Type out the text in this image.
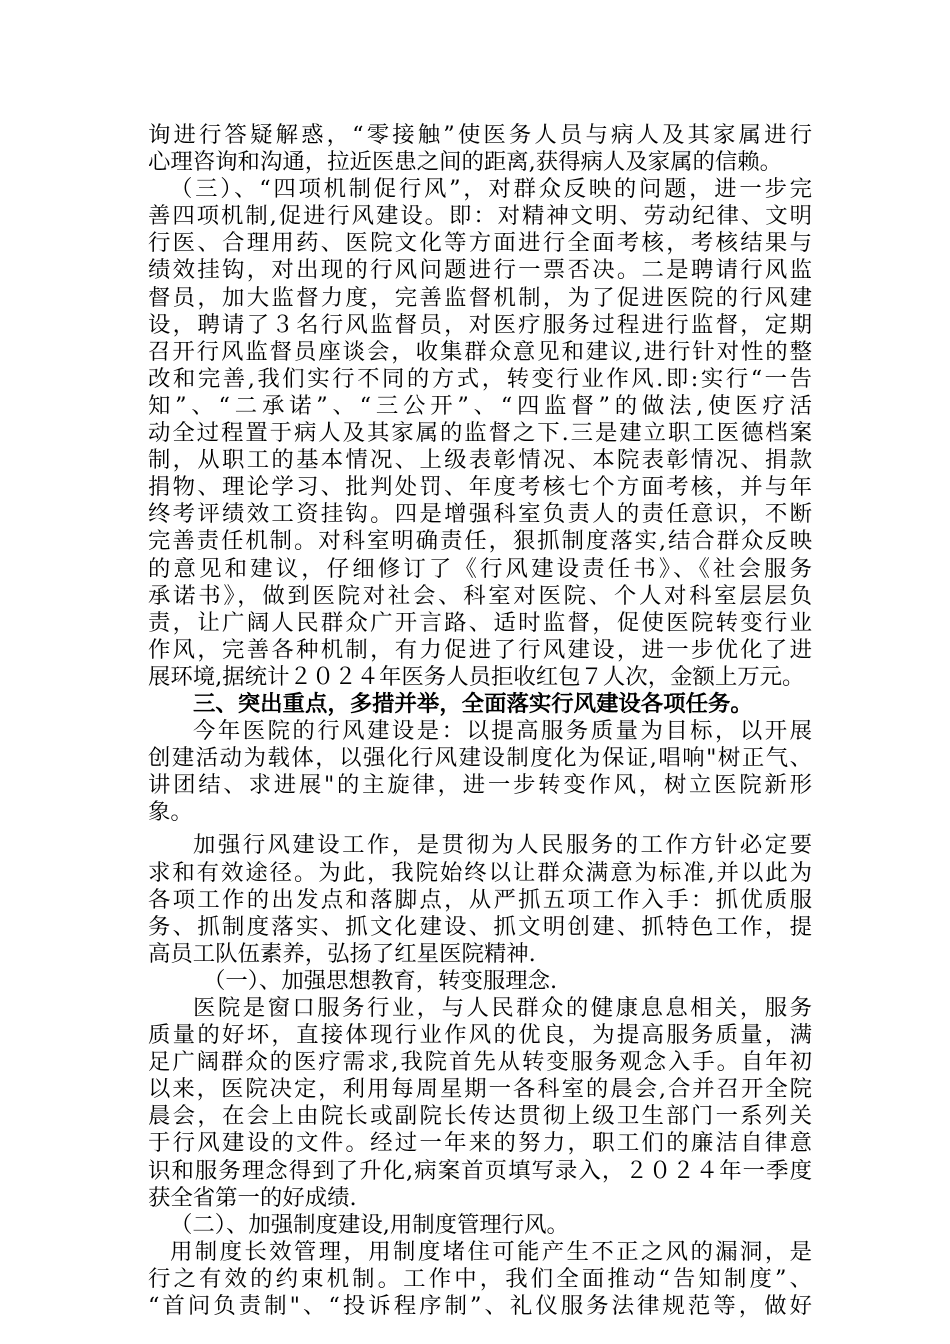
询进行答疑解惑，“零接触”使医务人员与病人及其家属进行
心理咨询和沟通，拉近医患之间的距离,获得病人及家属的信赖。
（三）、“四项机制促行风”，对群众反映的问题，进一步完
善四项机制,促进行风建设。即：对精神文明、劳动纪律、文明
行医、合理用药、医院文化等方面进行全面考核，考核结果与
绩效挂钩，对出现的行风问题进行一票否决。二是聘请行风监
督员，加大监督力度，完善监督机制，为了促进医院的行风建
设，聘请了３名行风监督员，对医疗服务过程进行监督，定期
召开行风监督员座谈会，收集群众意见和建议,进行针对性的整
改和完善,我们实行不同的方式，转变行业作风.即:实行“一告
知”、“二承诺”、“三公开”、“四监督”的做法,使医疗活
动全过程置于病人及其家属的监督之下.三是建立职工医德档案
制，从职工的基本情况、上级表彰情况、本院表彰情况、捐款
捐物、理论学习、批判处罚、年度考核七个方面考核，并与年
终考评绩效工资挂钩。四是增强科室负责人的责任意识，不断
完善责任机制。对科室明确责任，狠抓制度落实,结合群众反映
的意见和建议，仔细修订了《行风建设责任书》、《社会服务
承诺书》，做到医院对社会、科室对医院、个人对科室层层负
责，让广阔人民群众广开言路、适时监督，促使医院转变行业
作风，完善各种机制，有力促进了行风建设，进一步优化了进
展环境,据统计２０２４年医务人员拒收红包７人次，金额上万元。
三、突出重点，多措并举，全面落实行风建设各项任务。
今年医院的行风建设是：以提高服务质量为目标，以开展
创建活动为载体，以强化行风建设制度化为保证,唱响"树正气、
讲团结、求进展"的主旋律，进一步转变作风，树立医院新形
象。
加强行风建设工作，是贯彻为人民服务的工作方针必定要
求和有效途径。为此，我院始终以让群众满意为标准,并以此为
各项工作的出发点和落脚点，从严抓五项工作入手：抓优质服
务、抓制度落实、抓文化建设、抓文明创建、抓特色工作，提
高员工队伍素养，弘扬了红星医院精神.
（一）、加强思想教育，转变服理念.
医院是窗口服务行业，与人民群众的健康息息相关，服务
质量的好坏，直接体现行业作风的优良，为提高服务质量，满
足广阔群众的医疗需求,我院首先从转变服务观念入手。自年初
以来，医院决定，利用每周星期一各科室的晨会,合并召开全院
晨会，在会上由院长或副院长传达贯彻上级卫生部门一系列关
于行风建设的文件。经过一年来的努力，职工们的廉洁自律意
识和服务理念得到了升化,病案首页填写录入，２０２４年一季度
获全省第一的好成绩.
（二）、加强制度建设,用制度管理行风。
用制度长效管理，用制度堵住可能产生不正之风的漏洞，是
行之有效的约束机制。工作中，我们全面推动“告知制度”、
“首问负责制"、“投诉程序制”、礼仪服务法律规范等，做好
